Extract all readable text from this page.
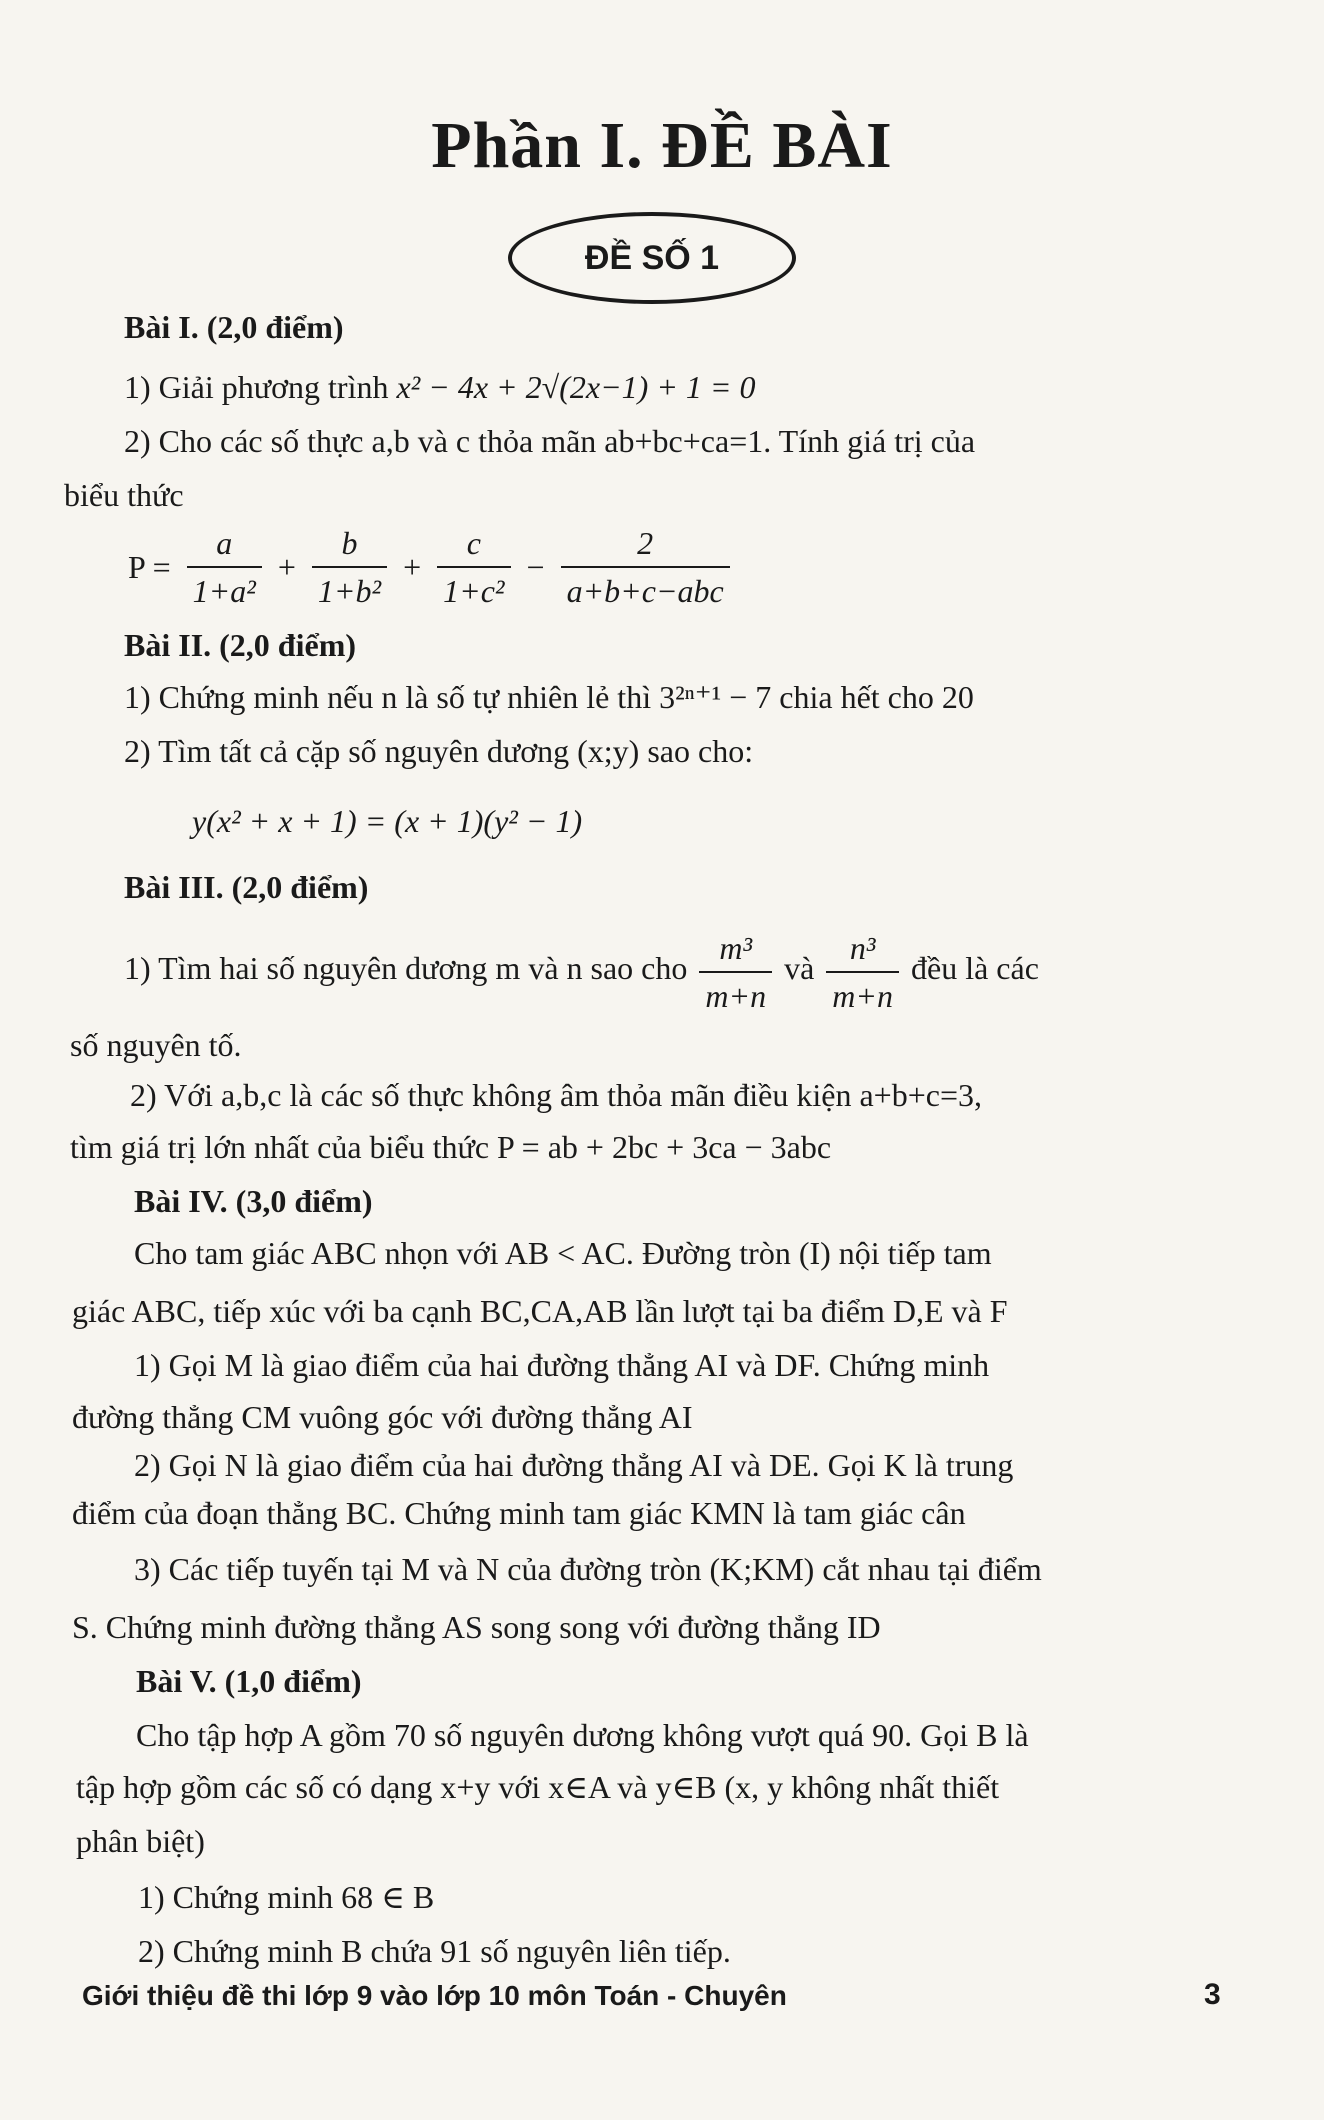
Phần I. ĐỀ BÀI
ĐỀ SỐ 1
Bài I. (2,0 điểm)
1) Giải phương trình x² − 4x + 2√(2x−1) + 1 = 0
2) Cho các số thực a,b và c thỏa mãn ab+bc+ca=1. Tính giá trị của
biểu thức
$P = \frac{a}{\text{1+a²}} + \frac{b}{\text{1+b²}} + \frac{c}{\text{1+c²}} - \frac{2}{\text{a+b+c−abc}}$
Bài II. (2,0 điểm)
1) Chứng minh nếu n là số tự nhiên lẻ thì 3²ⁿ⁺¹ − 7 chia hết cho 20
2) Tìm tất cả cặp số nguyên dương (x;y) sao cho:
y(x² + x + 1) = (x + 1)(y² − 1)
Bài III. (2,0 điểm)
1) Tìm hai số nguyên dương m và n sao cho $\frac{\text{m³}}{m+n}$ và $\frac{\text{n³}}{m+n}$ đều là các
số nguyên tố.
2) Với a,b,c là các số thực không âm thỏa mãn điều kiện a+b+c=3,
tìm giá trị lớn nhất của biểu thức P = ab + 2bc + 3ca − 3abc
Bài IV. (3,0 điểm)
Cho tam giác ABC nhọn với AB < AC. Đường tròn (I) nội tiếp tam
giác ABC, tiếp xúc với ba cạnh BC,CA,AB lần lượt tại ba điểm D,E và F
1) Gọi M là giao điểm của hai đường thẳng AI và DF. Chứng minh
đường thẳng CM vuông góc với đường thẳng AI
2) Gọi N là giao điểm của hai đường thẳng AI và DE. Gọi K là trung
điểm của đoạn thẳng BC. Chứng minh tam giác KMN là tam giác cân
3) Các tiếp tuyến tại M và N của đường tròn (K;KM) cắt nhau tại điểm
S. Chứng minh đường thẳng AS song song với đường thẳng ID
Bài V. (1,0 điểm)
Cho tập hợp A gồm 70 số nguyên dương không vượt quá 90. Gọi B là
tập hợp gồm các số có dạng x+y với x∈A và y∈B (x, y không nhất thiết
phân biệt)
1) Chứng minh 68 ∈ B
2) Chứng minh B chứa 91 số nguyên liên tiếp.
Giới thiệu đề thi lớp 9 vào lớp 10 môn Toán - Chuyên	3
